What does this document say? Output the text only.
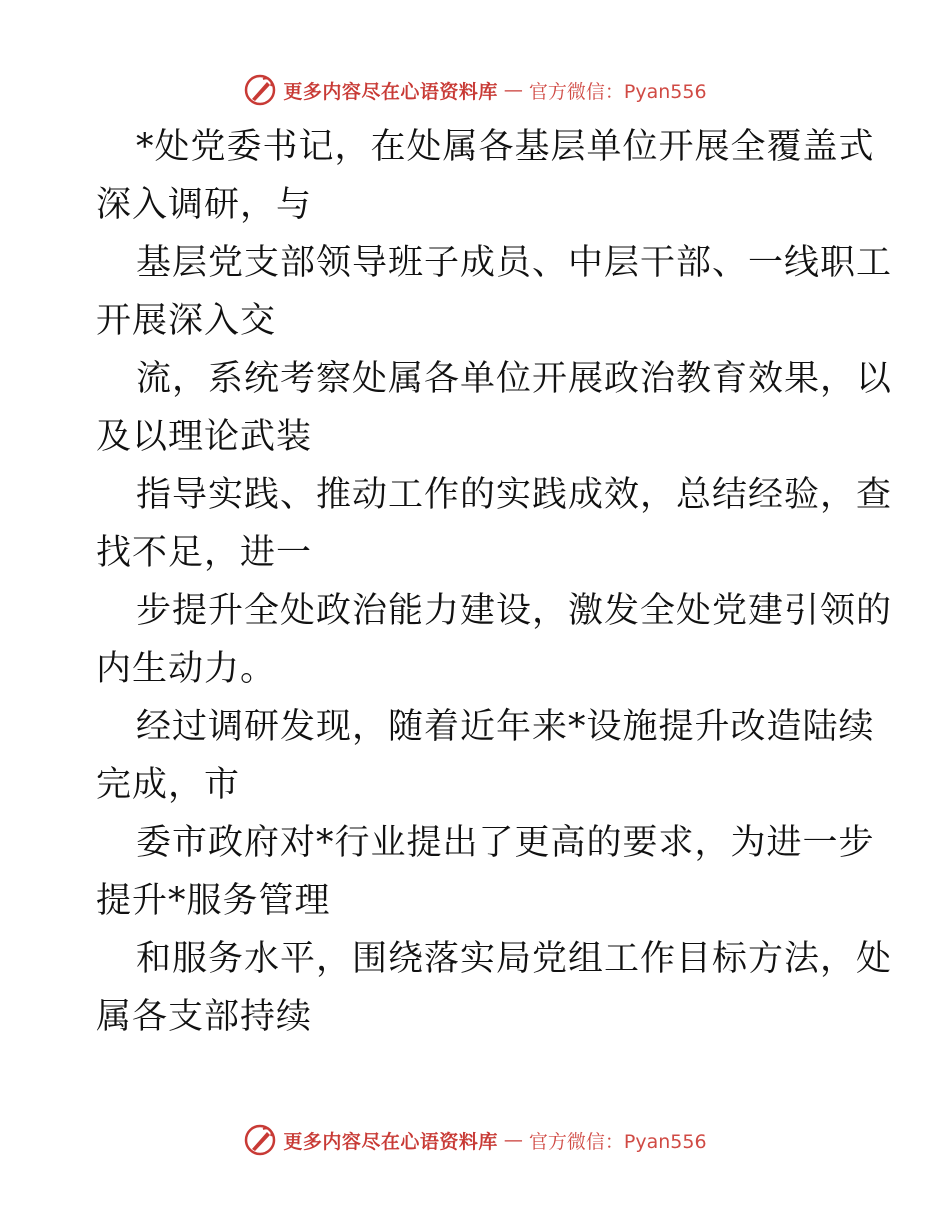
更多内容尽在心语资料库 — 官方微信：Pyan556
*处党委书记，在处属各基层单位开展全覆盖式
深入调研，与
基层党支部领导班子成员、中层干部、一线职工
开展深入交
流，系统考察处属各单位开展政治教育效果，以
及以理论武装
指导实践、推动工作的实践成效，总结经验，查
找不足，进一
步提升全处政治能力建设，激发全处党建引领的
内生动力。
经过调研发现，随着近年来*设施提升改造陆续
完成，市
委市政府对*行业提出了更高的要求，为进一步
提升*服务管理
和服务水平，围绕落实局党组工作目标方法，处
属各支部持续
更多内容尽在心语资料库 — 官方微信：Pyan556
